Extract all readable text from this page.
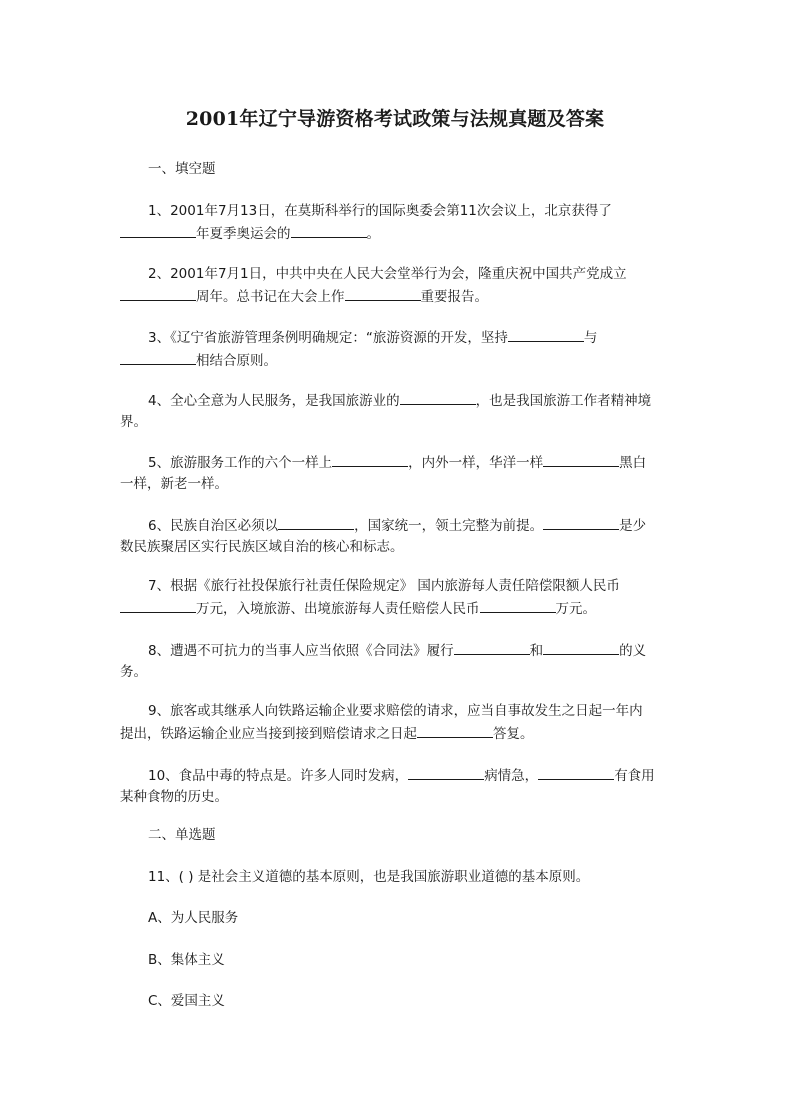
2001年辽宁导游资格考试政策与法规真题及答案

一、填空题

1、2001年7月13日，在莫斯科举行的国际奥委会第11次会议上，北京获得了
年夏季奥运会的	。
2、2001年7月1日，中共中央在人民大会堂举行为会，隆重庆祝中国共产党成立
周年。总书记在大会上作	重要报告。
3、《辽宁省旅游管理条例明确规定：“旅游资源的开发，坚持	与
相结合原则。
4、全心全意为人民服务，是我国旅游业的	，也是我国旅游工作者精神境
界。
5、旅游服务工作的六个一样上	，内外一样，华洋一样	黑白
一样，新老一样。
6、民族自治区必须以	，国家统一，领土完整为前提。	是少
数民族聚居区实行民族区域自治的核心和标志。
7、根据《旅行社投保旅行社责任保险规定》 国内旅游每人责任陪偿限额人民币
万元，入境旅游、出境旅游每人责任赔偿人民币	万元。
8、遭遇不可抗力的当事人应当依照《合同法》履行	和	的义
务。
9、旅客或其继承人向铁路运输企业要求赔偿的请求，应当自事故发生之日起一年内
提出，铁路运输企业应当接到接到赔偿请求之日起	答复。
10、食品中毒的特点是。许多人同时发病，	病情急，	有食用
某种食物的历史。

二、单选题

11、( ) 是社会主义道德的基本原则，也是我国旅游职业道德的基本原则。

A、为人民服务

B、集体主义

C、爱国主义
